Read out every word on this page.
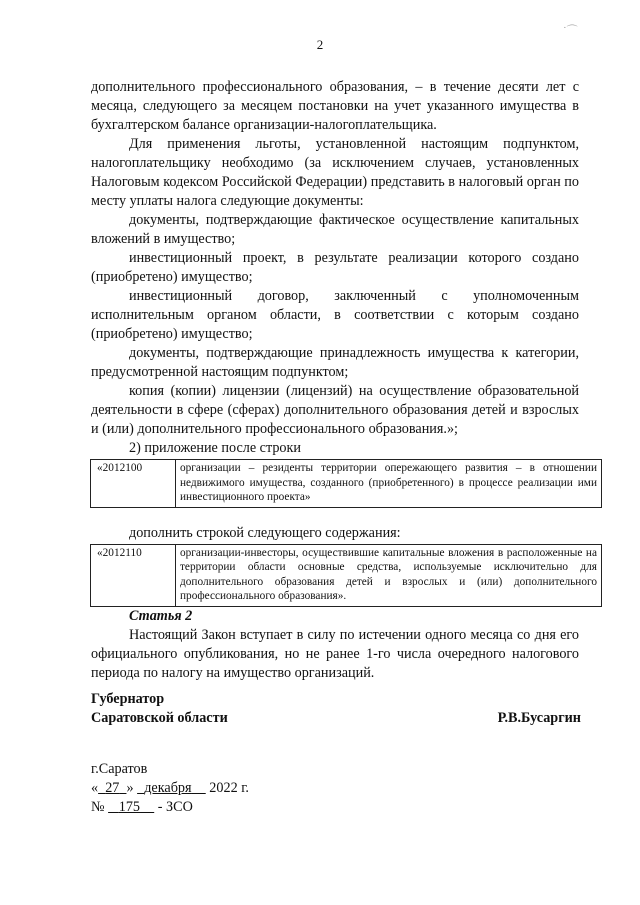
˙⌒
2

дополнительного профессионального образования, – в течение десяти лет с месяца, следующего за месяцем постановки на учет указанного имущества в бухгалтерском балансе организации-налогоплательщика.

Для применения льготы, установленной настоящим подпунктом, налогоплательщику необходимо (за исключением случаев, установленных Налоговым кодексом Российской Федерации) представить в налоговый орган по месту уплаты налога следующие документы:

документы, подтверждающие фактическое осуществление капитальных вложений в имущество;

инвестиционный проект, в результате реализации которого создано (приобретено) имущество;

инвестиционный договор, заключенный с уполномоченным исполнительным органом области, в соответствии с которым создано (приобретено) имущество;

документы, подтверждающие принадлежность имущества к категории, предусмотренной настоящим подпунктом;

копия (копии) лицензии (лицензий) на осуществление образовательной деятельности в сфере (сферах) дополнительного образования детей и взрослых и (или) дополнительного профессионального образования.»;

2) приложение после строки

«2012100	организации – резиденты территории опережающего развития – в отношении недвижимого имущества, созданного (приобретенного) в процессе реализации ими инвестиционного проекта»

дополнить строкой следующего содержания:

«2012110	организации-инвесторы, осуществившие капитальные вложения в расположенные на территории области основные средства, используемые исключительно для дополнительного образования детей и взрослых и (или) дополнительного профессионального образования».

Статья 2

Настоящий Закон вступает в силу по истечении одного месяца со дня его официального опубликования, но не ранее 1-го числа очередного налогового периода по налогу на имущество организаций.

Губернатор
Саратовской области	Р.В.Бусаргин
г.Саратов
« 27 » декабря 2022 г.
№ 175 - ЗСО
